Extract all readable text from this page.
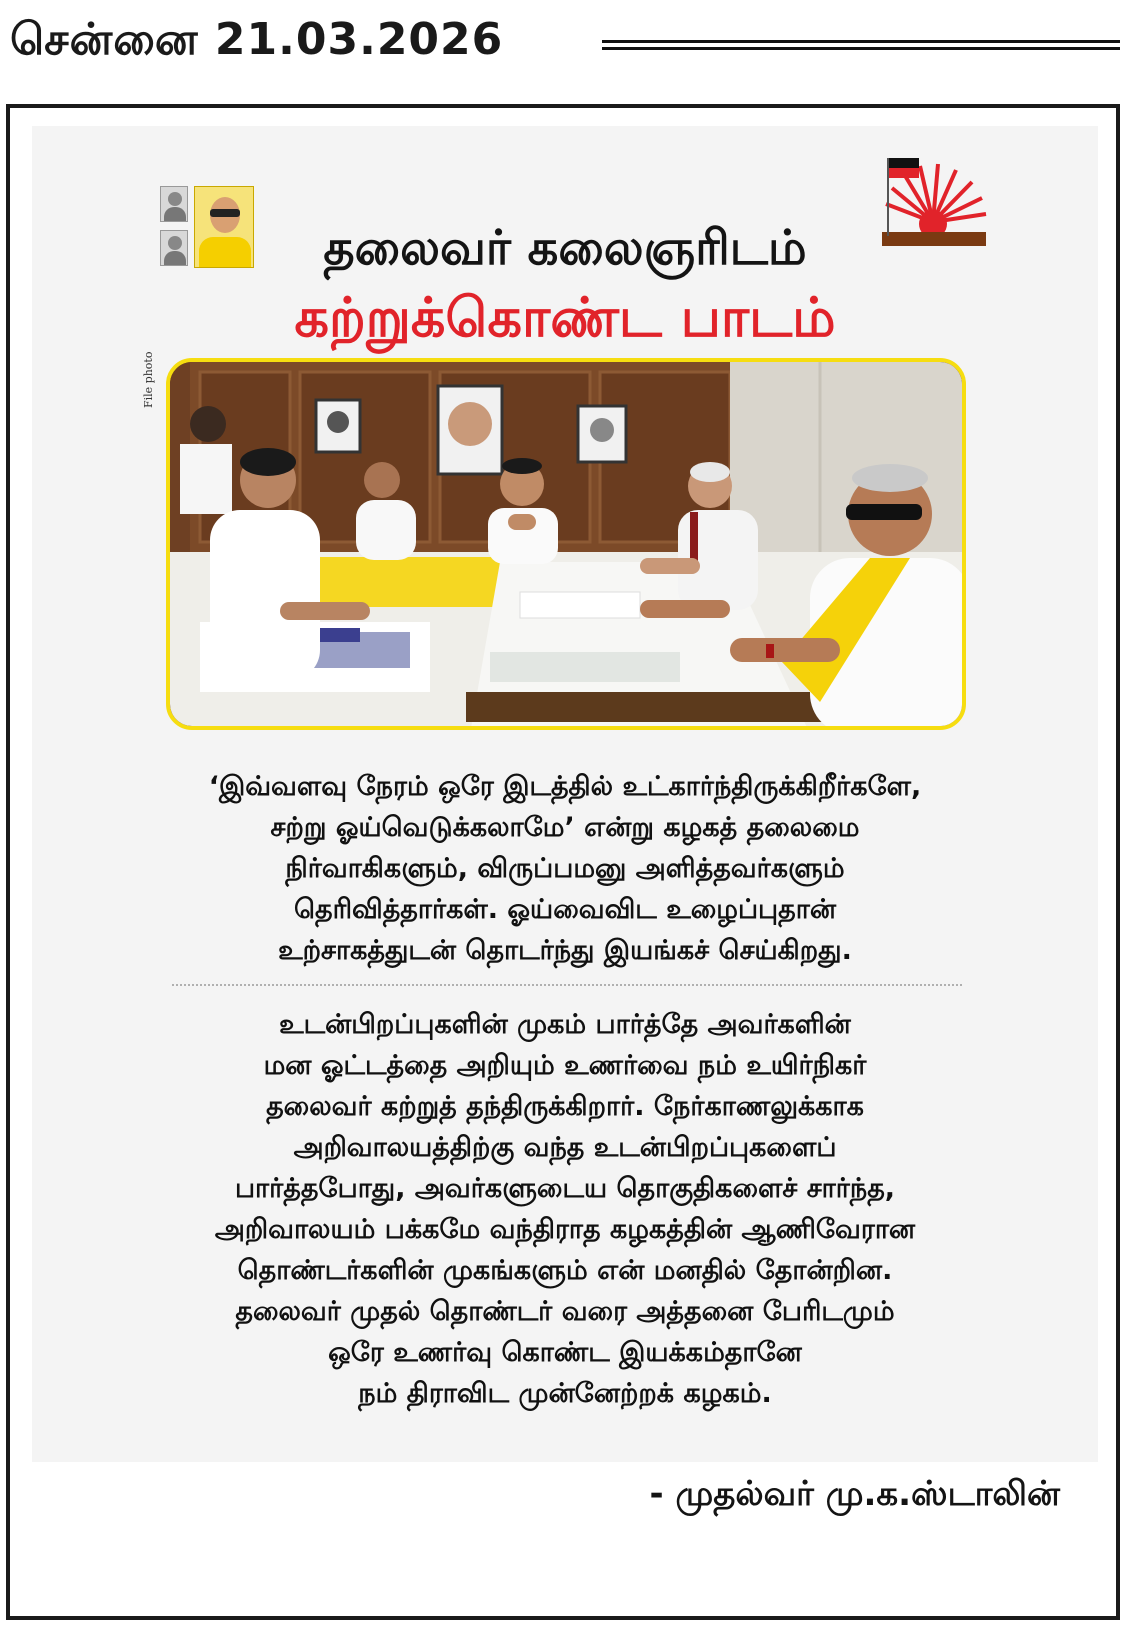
சென்னை 21.03.2026
தலைவர் கலைஞரிடம்
கற்றுக்கொண்ட பாடம்
File photo
‘இவ்வளவு நேரம் ஒரே இடத்தில் உட்கார்ந்திருக்கிறீர்களே,
சற்று ஓய்வெடுக்கலாமே’ என்று கழகத் தலைமை
நிர்வாகிகளும், விருப்பமனு அளித்தவர்களும்
தெரிவித்தார்கள். ஓய்வைவிட உழைப்புதான்
உற்சாகத்துடன் தொடர்ந்து இயங்கச் செய்கிறது.
உடன்பிறப்புகளின் முகம் பார்த்தே அவர்களின்
மன ஓட்டத்தை அறியும் உணர்வை நம் உயிர்நிகர்
தலைவர் கற்றுத் தந்திருக்கிறார். நேர்காணலுக்காக
அறிவாலயத்திற்கு வந்த உடன்பிறப்புகளைப்
பார்த்தபோது, அவர்களுடைய தொகுதிகளைச் சார்ந்த,
அறிவாலயம் பக்கமே வந்திராத கழகத்தின் ஆணிவேரான
தொண்டர்களின் முகங்களும் என் மனதில் தோன்றின.
தலைவர் முதல் தொண்டர் வரை அத்தனை பேரிடமும்
ஒரே உணர்வு கொண்ட இயக்கம்தானே
நம் திராவிட முன்னேற்றக் கழகம்.
- முதல்வர் மு.க.ஸ்டாலின்
